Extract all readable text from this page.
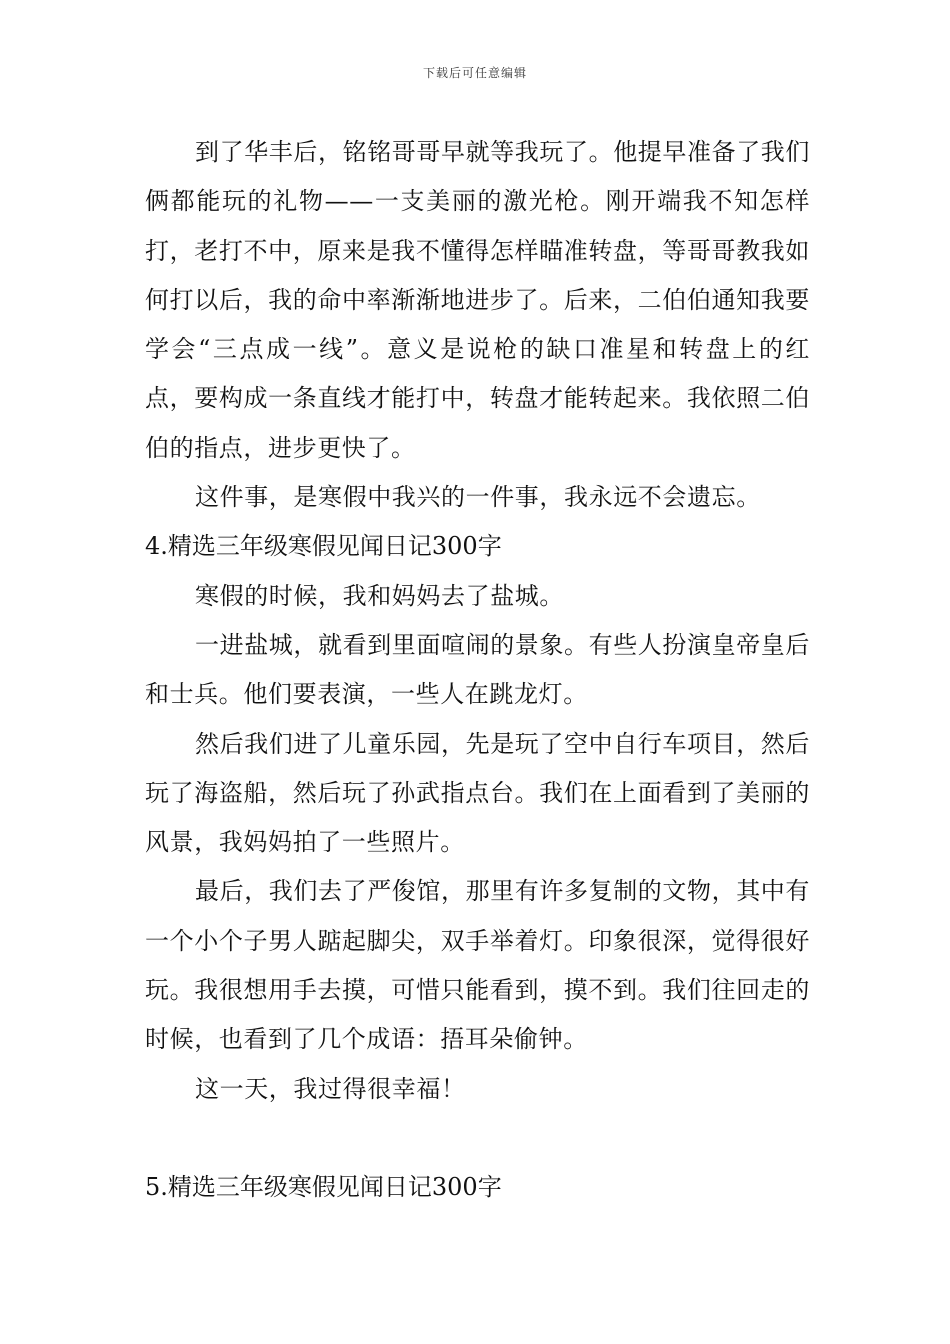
下载后可任意编辑

到了华丰后，铭铭哥哥早就等我玩了。他提早准备了我们俩都能玩的礼物——一支美丽的激光枪。刚开端我不知怎样打，老打不中，原来是我不懂得怎样瞄准转盘，等哥哥教我如何打以后，我的命中率渐渐地进步了。后来，二伯伯通知我要学会“三点成一线”。意义是说枪的缺口准星和转盘上的红点，要构成一条直线才能打中，转盘才能转起来。我依照二伯伯的指点，进步更快了。

这件事，是寒假中我兴的一件事，我永远不会遗忘。

4.精选三年级寒假见闻日记300字

寒假的时候，我和妈妈去了盐城。

一进盐城，就看到里面喧闹的景象。有些人扮演皇帝皇后和士兵。他们要表演，一些人在跳龙灯。

然后我们进了儿童乐园，先是玩了空中自行车项目，然后玩了海盗船，然后玩了孙武指点台。我们在上面看到了美丽的风景，我妈妈拍了一些照片。

最后，我们去了严俊馆，那里有许多复制的文物，其中有一个小个子男人踮起脚尖，双手举着灯。印象很深，觉得很好玩。我很想用手去摸，可惜只能看到，摸不到。我们往回走的时候，也看到了几个成语：捂耳朵偷钟。

这一天，我过得很幸福！

5.精选三年级寒假见闻日记300字
